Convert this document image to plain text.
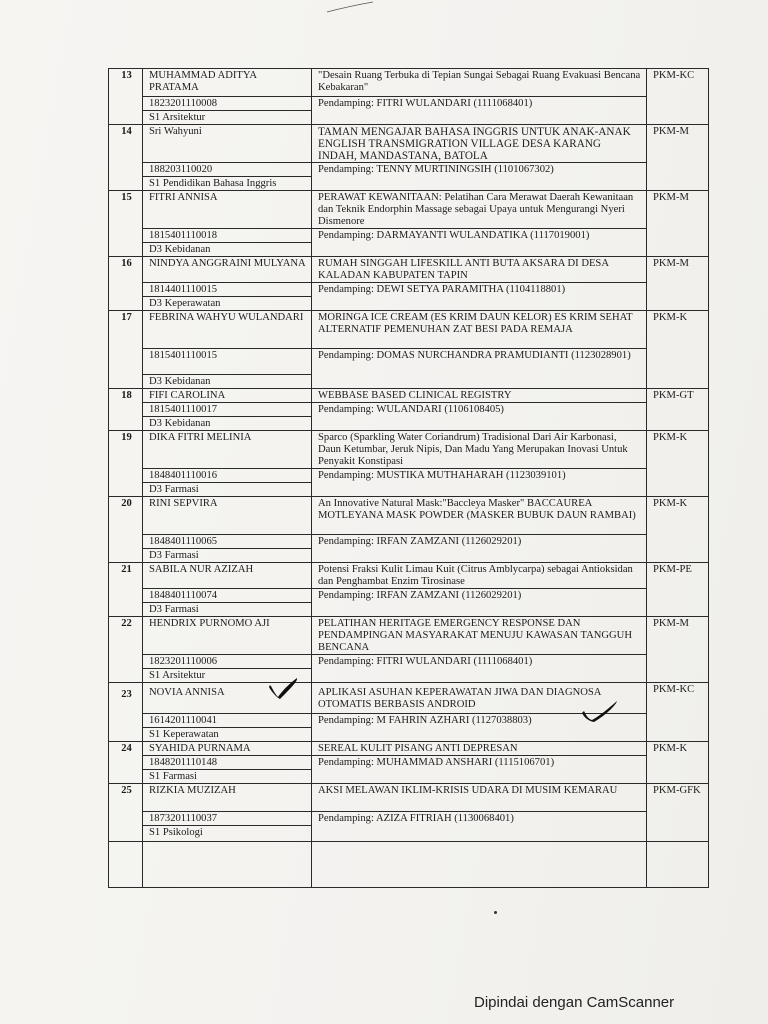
13	MUHAMMAD ADITYA PRATAMA	"Desain Ruang Terbuka di Tepian Sungai Sebagai Ruang Evakuasi Bencana Kebakaran"	PKM-KC
	1823201110008	Pendamping: FITRI WULANDARI (1111068401)	
	S1 Arsitektur		
14	Sri Wahyuni	TAMAN MENGAJAR BAHASA INGGRIS UNTUK ANAK-ANAK ENGLISH TRANSMIGRATION VILLAGE DESA KARANG INDAH, MANDASTANA, BATOLA	PKM-M
	188203110020	Pendamping: TENNY MURTININGSIH (1101067302)	
	S1 Pendidikan Bahasa Inggris		
15	FITRI ANNISA	PERAWAT KEWANITAAN: Pelatihan Cara Merawat Daerah Kewanitaan dan Teknik Endorphin Massage sebagai Upaya untuk Mengurangi Nyeri Dismenore	PKM-M
	1815401110018	Pendamping: DARMAYANTI WULANDATIKA (1117019001)	
	D3 Kebidanan		
16	NINDYA ANGGRAINI MULYANA	RUMAH SINGGAH LIFESKILL ANTI BUTA AKSARA DI DESA KALADAN KABUPATEN TAPIN	PKM-M
	1814401110015	Pendamping: DEWI SETYA PARAMITHA (1104118801)	
	D3 Keperawatan		
17	FEBRINA WAHYU WULANDARI	MORINGA ICE CREAM (ES KRIM DAUN KELOR) ES KRIM SEHAT ALTERNATIF PEMENUHAN ZAT BESI PADA REMAJA	PKM-K
	1815401110015	Pendamping: DOMAS NURCHANDRA PRAMUDIANTI (1123028901)	
	D3 Kebidanan		
18	FIFI CAROLINA	WEBBASE BASED CLINICAL REGISTRY	PKM-GT
	1815401110017	Pendamping: WULANDARI (1106108405)	
	D3 Kebidanan		
19	DIKA FITRI MELINIA	Sparco (Sparkling Water Coriandrum) Tradisional Dari Air Karbonasi, Daun Ketumbar, Jeruk Nipis, Dan Madu Yang Merupakan Inovasi Untuk Penyakit Konstipasi	PKM-K
	1848401110016	Pendamping: MUSTIKA MUTHAHARAH (1123039101)	
	D3 Farmasi		
20	RINI SEPVIRA	An Innovative Natural Mask:"Baccleya Masker" BACCAUREA MOTLEYANA MASK POWDER (MASKER BUBUK DAUN RAMBAI)	PKM-K
	1848401110065	Pendamping: IRFAN ZAMZANI (1126029201)	
	D3 Farmasi		
21	SABILA NUR AZIZAH	Potensi Fraksi Kulit Limau Kuit (Citrus Amblycarpa) sebagai Antioksidan dan Penghambat Enzim Tirosinase	PKM-PE
	1848401110074	Pendamping: IRFAN ZAMZANI (1126029201)	
	D3 Farmasi		
22	HENDRIX PURNOMO AJI	PELATIHAN HERITAGE EMERGENCY RESPONSE DAN PENDAMPINGAN MASYARAKAT MENUJU KAWASAN TANGGUH BENCANA	PKM-M
	1823201110006	Pendamping: FITRI WULANDARI (1111068401)	
	S1 Arsitektur		
23	NOVIA ANNISA	APLIKASI ASUHAN KEPERAWATAN JIWA DAN DIAGNOSA OTOMATIS BERBASIS ANDROID	PKM-KC
	1614201110041	Pendamping: M FAHRIN AZHARI (1127038803)	
	S1 Keperawatan		
24	SYAHIDA PURNAMA	SEREAL KULIT PISANG ANTI DEPRESAN	PKM-K
	1848201110148	Pendamping: MUHAMMAD ANSHARI (1115106701)	
	S1 Farmasi		
25	RIZKIA MUZIZAH	AKSI MELAWAN IKLIM-KRISIS UDARA DI MUSIM KEMARAU	PKM-GFK
	1873201110037	Pendamping: AZIZA FITRIAH (1130068401)	
	S1 Psikologi		

Dipindai dengan CamScanner
